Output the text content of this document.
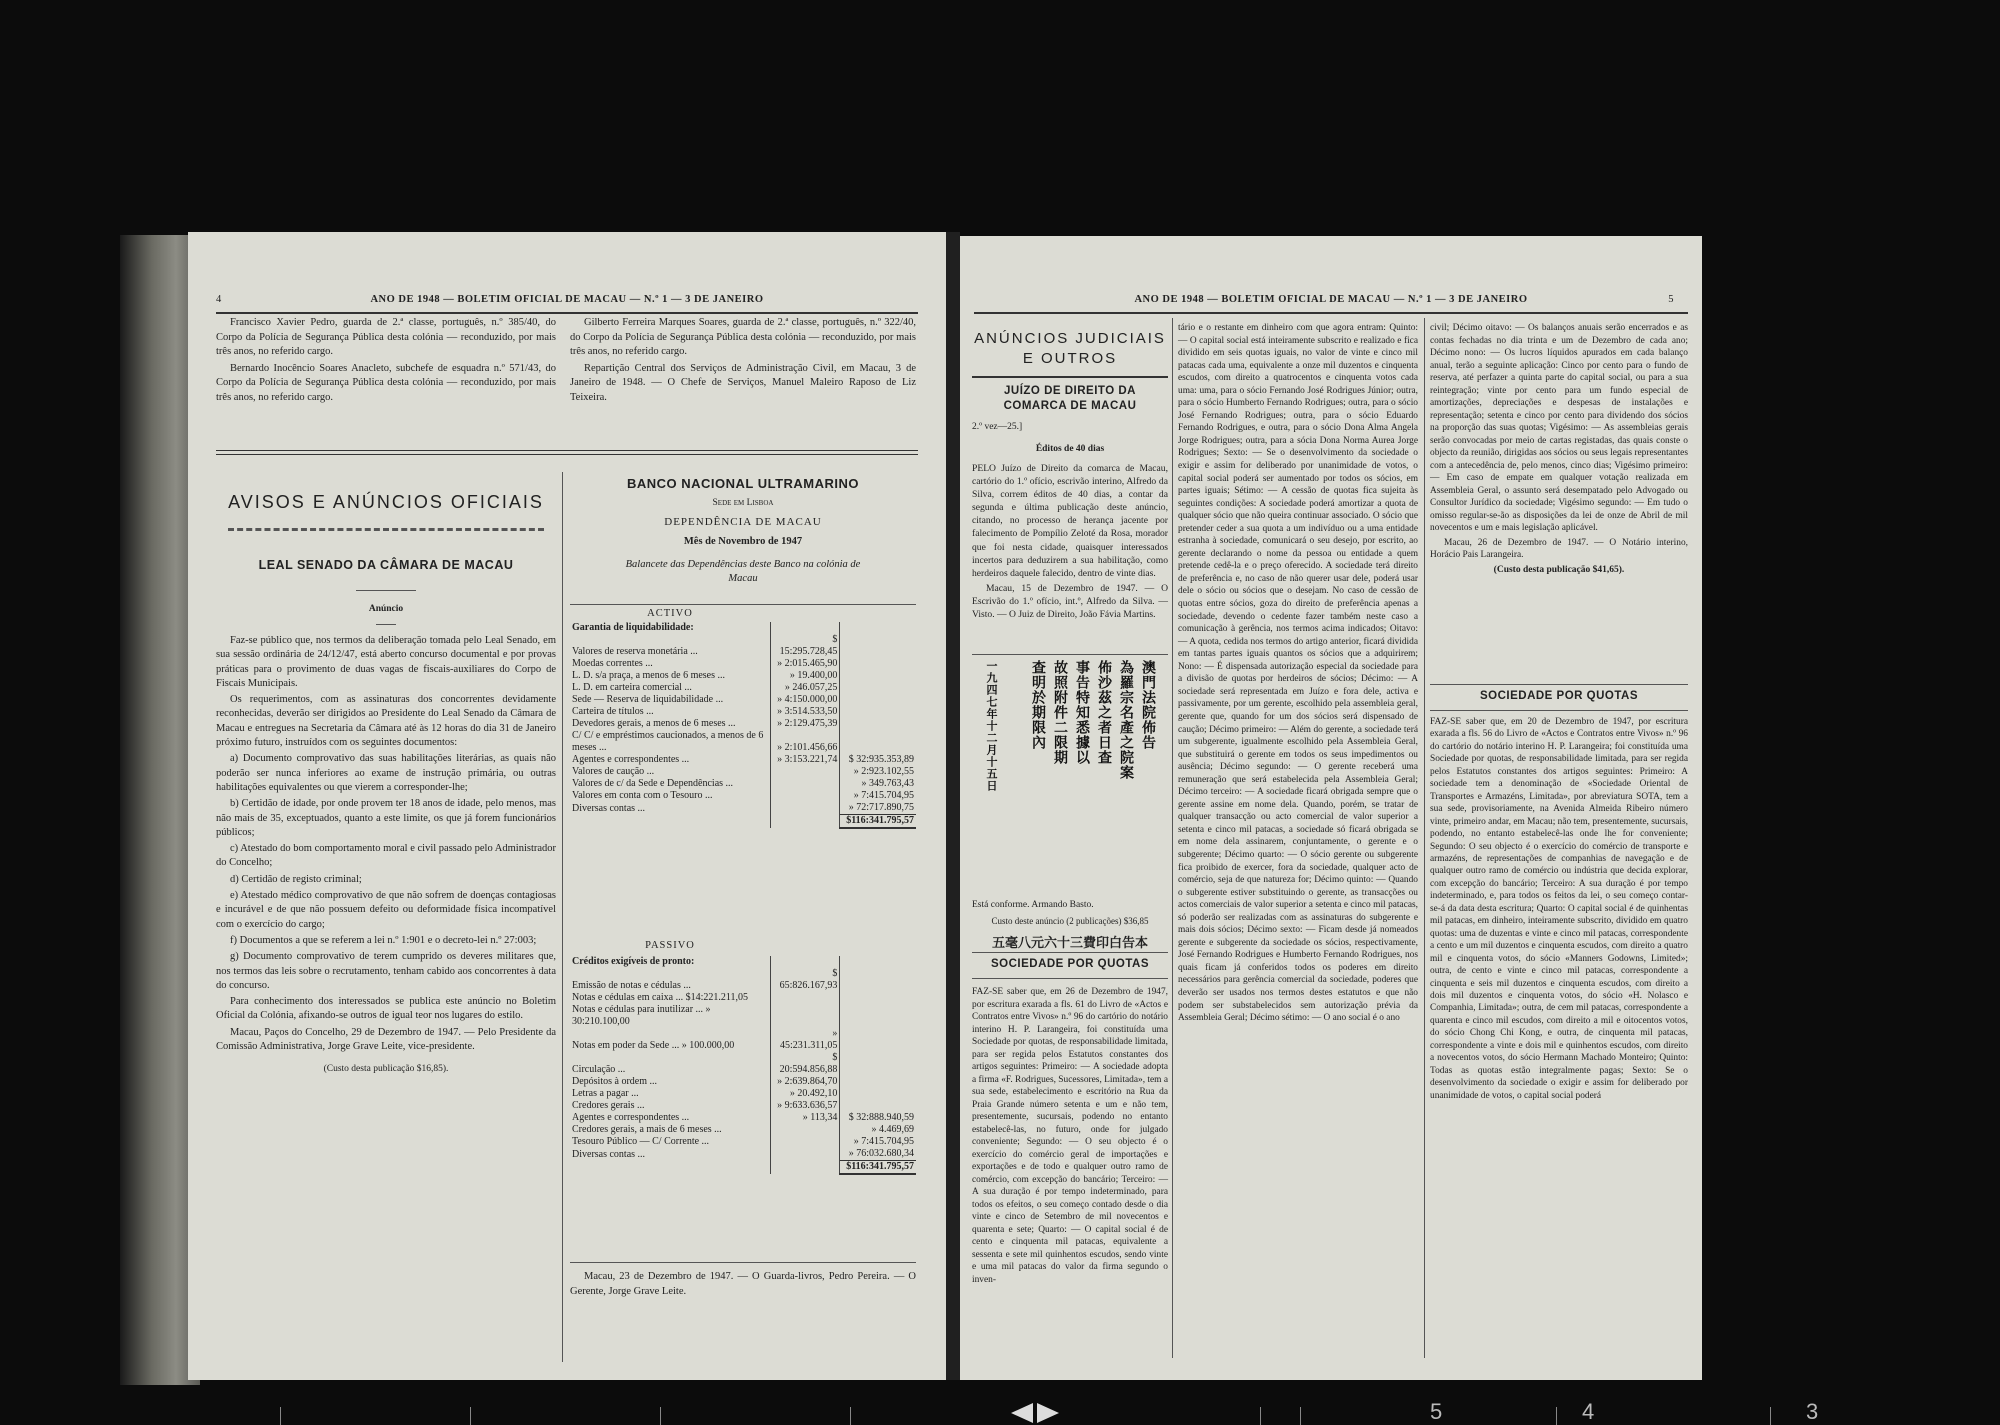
4	ANO DE 1948 — BOLETIM OFICIAL DE MACAU — N.º 1 — 3 DE JANEIRO

Francisco Xavier Pedro, guarda de 2.ª classe, português, n.º 385/40, do Corpo da Polícia de Segurança Pública desta colónia — reconduzido, por mais três anos, no referido cargo.

Bernardo Inocêncio Soares Anacleto, subchefe de esquadra n.º 571/43, do Corpo da Polícia de Segurança Pública desta colónia — reconduzido, por mais três anos, no referido cargo.

Gilberto Ferreira Marques Soares, guarda de 2.ª classe, português, n.º 322/40, do Corpo da Polícia de Segurança Pública desta colónia — reconduzido, por mais três anos, no referido cargo.

Repartição Central dos Serviços de Administração Civil, em Macau, 3 de Janeiro de 1948. — O Chefe de Serviços, Manuel Maleiro Raposo de Liz Teixeira.

AVISOS E ANÚNCIOS OFICIAIS
LEAL SENADO DA CÂMARA DE MACAU
Anúncio

Faz-se público que, nos termos da deliberação tomada pelo Leal Senado, em sua sessão ordinária de 24/12/47, está aberto concurso documental e por provas práticas para o provimento de duas vagas de fiscais-auxiliares do Corpo de Fiscais Municipais.

Os requerimentos, com as assinaturas dos concorrentes devidamente reconhecidas, deverão ser dirigidos ao Presidente do Leal Senado da Câmara de Macau e entregues na Secretaria da Câmara até às 12 horas do dia 31 de Janeiro próximo futuro, instruídos com os seguintes documentos:

a) Documento comprovativo das suas habilitações literárias, as quais não poderão ser nunca inferiores ao exame de instrução primária, ou outras habilitações equivalentes ou que vierem a corresponder-lhe;

b) Certidão de idade, por onde provem ter 18 anos de idade, pelo menos, mas não mais de 35, exceptuados, quanto a este limite, os que já forem funcionários públicos;

c) Atestado do bom comportamento moral e civil passado pelo Administrador do Concelho;

d) Certidão de registo criminal;

e) Atestado médico comprovativo de que não sofrem de doenças contagiosas e incurável e de que não possuem defeito ou deformidade física incompatível com o exercício do cargo;

f) Documentos a que se referem a lei n.º 1:901 e o decreto-lei n.º 27:003;

g) Documento comprovativo de terem cumprido os deveres militares que, nos termos das leis sobre o recrutamento, tenham cabido aos concorrentes à data do concurso.

Para conhecimento dos interessados se publica este anúncio no Boletim Oficial da Colónia, afixando-se outros de igual teor nos lugares do estilo.

Macau, Paços do Concelho, 29 de Dezembro de 1947. — Pelo Presidente da Comissão Administrativa, Jorge Grave Leite, vice-presidente.

(Custo desta publicação $16,85).
BANCO NACIONAL ULTRAMARINO
Sede em Lisboa
DEPENDÊNCIA DE MACAU
Mês de Novembro de 1947
Balancete das Dependências deste Banco na colónia de Macau
ACTIVO
Garantia de liquidabilidade:		
Valores de reserva monetária ...	$ 15:295.728,45	
Moedas correntes ...	» 2:015.465,90	
L. D. s/a praça, a menos de 6 meses ...	» 19.400,00	
L. D. em carteira comercial ...	» 246.057,25	
Sede — Reserva de liquidabilidade ...	» 4:150.000,00	
Carteira de títulos ...	» 3:514.533,50	
Devedores gerais, a menos de 6 meses ...	» 2:129.475,39	
C/ C/ e empréstimos caucionados, a menos de 6 meses ...	» 2:101.456,66	
Agentes e correspondentes ...	» 3:153.221,74	$ 32:935.353,89
Valores de caução ...		» 2:923.102,55
Valores de c/ da Sede e Dependências ...		» 349.763,43
Valores em conta com o Tesouro ...		» 7:415.704,95
Diversas contas ...		» 72:717.890,75
		$116:341.795,57
PASSIVO
Créditos exigíveis de pronto:		
Emissão de notas e cédulas ...	$ 65:826.167,93	
Notas e cédulas em caixa ... $14:221.211,05		
Notas e cédulas para inutilizar ... » 30:210.100,00		
Notas em poder da Sede ... » 100.000,00	» 45:231.311,05	
Circulação ...	$ 20:594.856,88	
Depósitos à ordem ...	» 2:639.864,70	
Letras a pagar ...	» 20.492,10	
Credores gerais ...	» 9:633.636,57	
Agentes e correspondentes ...	» 113,34	$ 32:888.940,59
Credores gerais, a mais de 6 meses ...		» 4.469,69
Tesouro Público — C/ Corrente ...		» 7:415.704,95
Diversas contas ...		» 76:032.680,34
		$116:341.795,57

Macau, 23 de Dezembro de 1947. — O Guarda-livros, Pedro Pereira. — O Gerente, Jorge Grave Leite.

ANO DE 1948 — BOLETIM OFICIAL DE MACAU — N.º 1 — 3 DE JANEIRO	5
ANÚNCIOS JUDICIAIS
E OUTROS
JUÍZO DE DIREITO DA COMARCA DE MACAU
2.º vez—25.]
Éditos de 40 dias

PELO Juízo de Direito da comarca de Macau, cartório do 1.º ofício, escrivão interino, Alfredo da Silva, correm éditos de 40 dias, a contar da segunda e última publicação deste anúncio, citando, no processo de herança jacente por falecimento de Pompílio Zeloté da Rosa, morador que foi nesta cidade, quaisquer interessados incertos para deduzirem a sua habilitação, como herdeiros daquele falecido, dentro de vinte dias.

Macau, 15 de Dezembro de 1947. — O Escrivão do 1.º ofício, int.º, Alfredo da Silva. — Visto. — O Juiz de Direito, João Fávia Martins.

澳門法院佈告
為羅宗名產之院案
佈沙茲之者日查
事告特知悉據以
故照附件二限期
查明於期限內
一九四七年十二月十五日
Está conforme. Armando Basto.
Custo deste anúncio (2 publicações) $36,85
五毫八元六十三費印白告本
SOCIEDADE POR QUOTAS

FAZ-SE saber que, em 26 de Dezembro de 1947, por escritura exarada a fls. 61 do Livro de «Actos e Contratos entre Vivos» n.º 96 do cartório do notário interino H. P. Larangeira, foi constituída uma Sociedade por quotas, de responsabilidade limitada, para ser regida pelos Estatutos constantes dos artigos seguintes: Primeiro: — A sociedade adopta a firma «F. Rodrigues, Sucessores, Limitada», tem a sua sede, estabelecimento e escritório na Rua da Praia Grande número setenta e um e não tem, presentemente, sucursais, podendo no entanto estabelecê-las, no futuro, onde for julgado conveniente; Segundo: — O seu objecto é o exercício do comércio geral de importações e exportações e de todo e qualquer outro ramo de comércio, com excepção do bancário; Terceiro: — A sua duração é por tempo indeterminado, para todos os efeitos, o seu começo contado desde o dia vinte e cinco de Setembro de mil novecentos e quarenta e sete; Quarto: — O capital social é de cento e cinquenta mil patacas, equivalente a sessenta e sete mil quinhentos escudos, sendo vinte e uma mil patacas do valor da firma segundo o inven-

tário e o restante em dinheiro com que agora entram: Quinto: — O capital social está inteiramente subscrito e realizado e fica dividido em seis quotas iguais, no valor de vinte e cinco mil patacas cada uma, equivalente a onze mil duzentos e cinquenta escudos, com direito a quatrocentos e cinquenta votos cada uma: uma, para o sócio Fernando José Rodrigues Júnior; outra, para o sócio Humberto Fernando Rodrigues; outra, para o sócio José Fernando Rodrigues; outra, para o sócio Eduardo Fernando Rodrigues, e outra, para o sócio Dona Alma Angela Jorge Rodrigues; outra, para a sócia Dona Norma Aurea Jorge Rodrigues; Sexto: — Se o desenvolvimento da sociedade o exigir e assim for deliberado por unanimidade de votos, o capital social poderá ser aumentado por todos os sócios, em partes iguais; Sétimo: — A cessão de quotas fica sujeita às seguintes condições: A sociedade poderá amortizar a quota de qualquer sócio que não queira continuar associado. O sócio que pretender ceder a sua quota a um indivíduo ou a uma entidade estranha à sociedade, comunicará o seu desejo, por escrito, ao gerente declarando o nome da pessoa ou entidade a quem pretende cedê-la e o preço oferecido. A sociedade terá direito de preferência e, no caso de não querer usar dele, poderá usar dele o sócio ou sócios que o desejam. No caso de cessão de quotas entre sócios, goza do direito de preferência apenas a sociedade, devendo o cedente fazer também neste caso a comunicação à gerência, nos termos acima indicados; Oitavo: — A quota, cedida nos termos do artigo anterior, ficará dividida em tantas partes iguais quantos os sócios que a adquirirem; Nono: — É dispensada autorização especial da sociedade para a divisão de quotas por herdeiros de sócios; Décimo: — A sociedade será representada em Juízo e fora dele, activa e passivamente, por um gerente, escolhido pela assembleia geral, gerente que, quando for um dos sócios será dispensado de caução; Décimo primeiro: — Além do gerente, a sociedade terá um subgerente, igualmente escolhido pela Assembleia Geral, que substituirá o gerente em todos os seus impedimentos ou ausência; Décimo segundo: — O gerente receberá uma remuneração que será estabelecida pela Assembleia Geral; Décimo terceiro: — A sociedade ficará obrigada sempre que o gerente assine em nome dela. Quando, porém, se tratar de qualquer transacção ou acto comercial de valor superior a setenta e cinco mil patacas, a sociedade só ficará obrigada se em nome dela assinarem, conjuntamente, o gerente e o subgerente; Décimo quarto: — O sócio gerente ou subgerente fica proibido de exercer, fora da sociedade, qualquer acto de comércio, seja de que natureza for; Décimo quinto: — Quando o subgerente estiver substituindo o gerente, as transacções ou actos comerciais de valor superior a setenta e cinco mil patacas, só poderão ser realizadas com as assinaturas do subgerente e mais dois sócios; Décimo sexto: — Ficam desde já nomeados gerente e subgerente da sociedade os sócios, respectivamente, José Fernando Rodrigues e Humberto Fernando Rodrigues, nos quais ficam já conferidos todos os poderes em direito necessários para gerência comercial da sociedade, poderes que deverão ser usados nos termos destes estatutos e que não podem ser substabelecidos sem autorização prévia da Assembleia Geral; Décimo sétimo: — O ano social é o ano

civil; Décimo oitavo: — Os balanços anuais serão encerrados e as contas fechadas no dia trinta e um de Dezembro de cada ano; Décimo nono: — Os lucros líquidos apurados em cada balanço anual, terão a seguinte aplicação: Cinco por cento para o fundo de reserva, até perfazer a quinta parte do capital social, ou para a sua reintegração; vinte por cento para um fundo especial de amortizações, depreciações e despesas de instalações e representação; setenta e cinco por cento para dividendo dos sócios na proporção das suas quotas; Vigésimo: — As assembleias gerais serão convocadas por meio de cartas registadas, das quais conste o objecto da reunião, dirigidas aos sócios ou seus legais representantes com a antecedência de, pelo menos, cinco dias; Vigésimo primeiro: — Em caso de empate em qualquer votação realizada em Assembleia Geral, o assunto será desempatado pelo Advogado ou Consultor Jurídico da sociedade; Vigésimo segundo: — Em tudo o omisso regular-se-ão as disposições da lei de onze de Abril de mil novecentos e um e mais legislação aplicável.

Macau, 26 de Dezembro de 1947. — O Notário interino, Horácio Pais Larangeira.

(Custo desta publicação $41,65).
SOCIEDADE POR QUOTAS

FAZ-SE saber que, em 20 de Dezembro de 1947, por escritura exarada a fls. 56 do Livro de «Actos e Contratos entre Vivos» n.º 96 do cartório do notário interino H. P. Larangeira; foi constituída uma Sociedade por quotas, de responsabilidade limitada, para ser regida pelos Estatutos constantes dos artigos seguintes: Primeiro: A sociedade tem a denominação de «Sociedade Oriental de Transportes e Armazéns, Limitada», por abreviatura SOTA, tem a sua sede, provisoriamente, na Avenida Almeida Ribeiro número vinte, primeiro andar, em Macau; não tem, presentemente, sucursais, podendo, no entanto estabelecê-las onde lhe for conveniente; Segundo: O seu objecto é o exercício do comércio de transporte e armazéns, de representações de companhias de navegação e de qualquer outro ramo de comércio ou indústria que decida explorar, com excepção do bancário; Terceiro: A sua duração é por tempo indeterminado, e, para todos os feitos da lei, o seu começo contar-se-á da data desta escritura; Quarto: O capital social é de quinhentas mil patacas, em dinheiro, inteiramente subscrito, dividido em quatro quotas: uma de duzentas e vinte e cinco mil patacas, correspondente a cento e um mil duzentos e cinquenta escudos, com direito a quatro mil e cinquenta votos, do sócio «Manners Godowns, Limited»; outra, de cento e vinte e cinco mil patacas, correspondente a cinquenta e seis mil duzentos e cinquenta escudos, com direito a dois mil duzentos e cinquenta votos, do sócio «H. Nolasco e Companhia, Limitada»; outra, de cem mil patacas, correspondente a quarenta e cinco mil escudos, com direito a mil e oitocentos votos, do sócio Chong Chi Kong, e outra, de cinquenta mil patacas, correspondente a vinte e dois mil e quinhentos escudos, com direito a novecentos votos, do sócio Hermann Machado Monteiro; Quinto: Todas as quotas estão integralmente pagas; Sexto: Se o desenvolvimento da sociedade o exigir e assim for deliberado por unanimidade de votos, o capital social poderá

5	4	3
